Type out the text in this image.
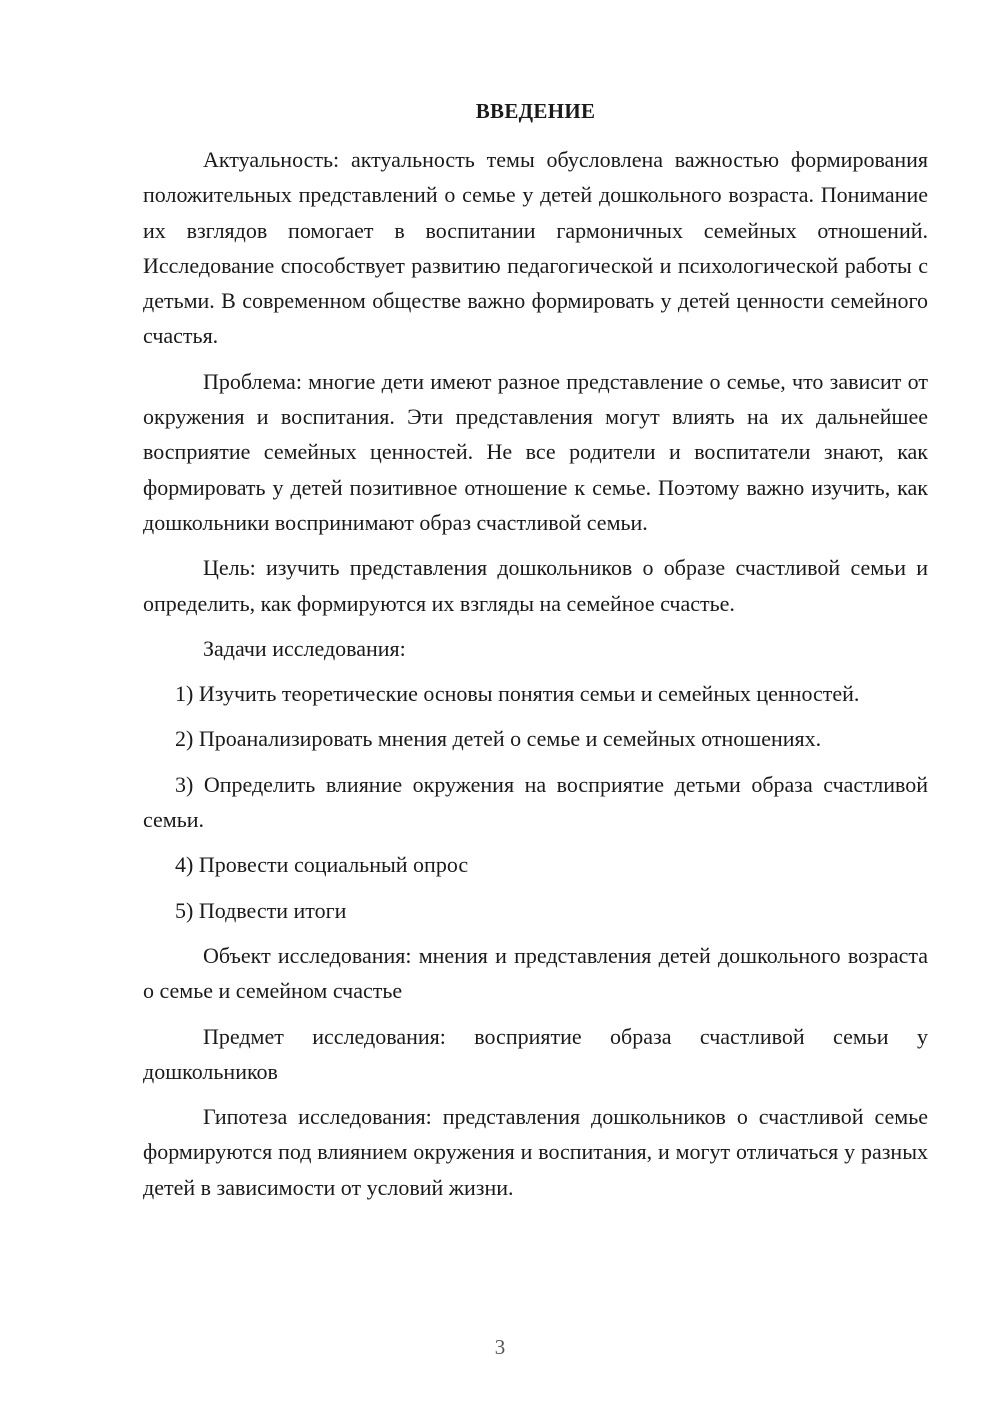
ВВЕДЕНИЕ

Актуальность: актуальность темы обусловлена важностью формирования положительных представлений о семье у детей дошкольного возраста. Понимание их взглядов помогает в воспитании гармоничных семейных отношений. Исследование способствует развитию педагогической и психологической работы с детьми. В современном обществе важно формировать у детей ценности семейного счастья.

Проблема: многие дети имеют разное представление о семье, что зависит от окружения и воспитания. Эти представления могут влиять на их дальнейшее восприятие семейных ценностей. Не все родители и воспитатели знают, как формировать у детей позитивное отношение к семье. Поэтому важно изучить, как дошкольники воспринимают образ счастливой семьи.

Цель: изучить представления дошкольников о образе счастливой семьи и определить, как формируются их взгляды на семейное счастье.

Задачи исследования:

1) Изучить теоретические основы понятия семьи и семейных ценностей.

2) Проанализировать мнения детей о семье и семейных отношениях.

3) Определить влияние окружения на восприятие детьми образа счастливой семьи.

4) Провести социальный опрос

5) Подвести итоги

Объект исследования: мнения и представления детей дошкольного возраста о семье и семейном счастье

Предмет исследования: восприятие образа счастливой семьи у дошкольников

Гипотеза исследования: представления дошкольников о счастливой семье формируются под влиянием окружения и воспитания, и могут отличаться у разных детей в зависимости от условий жизни.

3
